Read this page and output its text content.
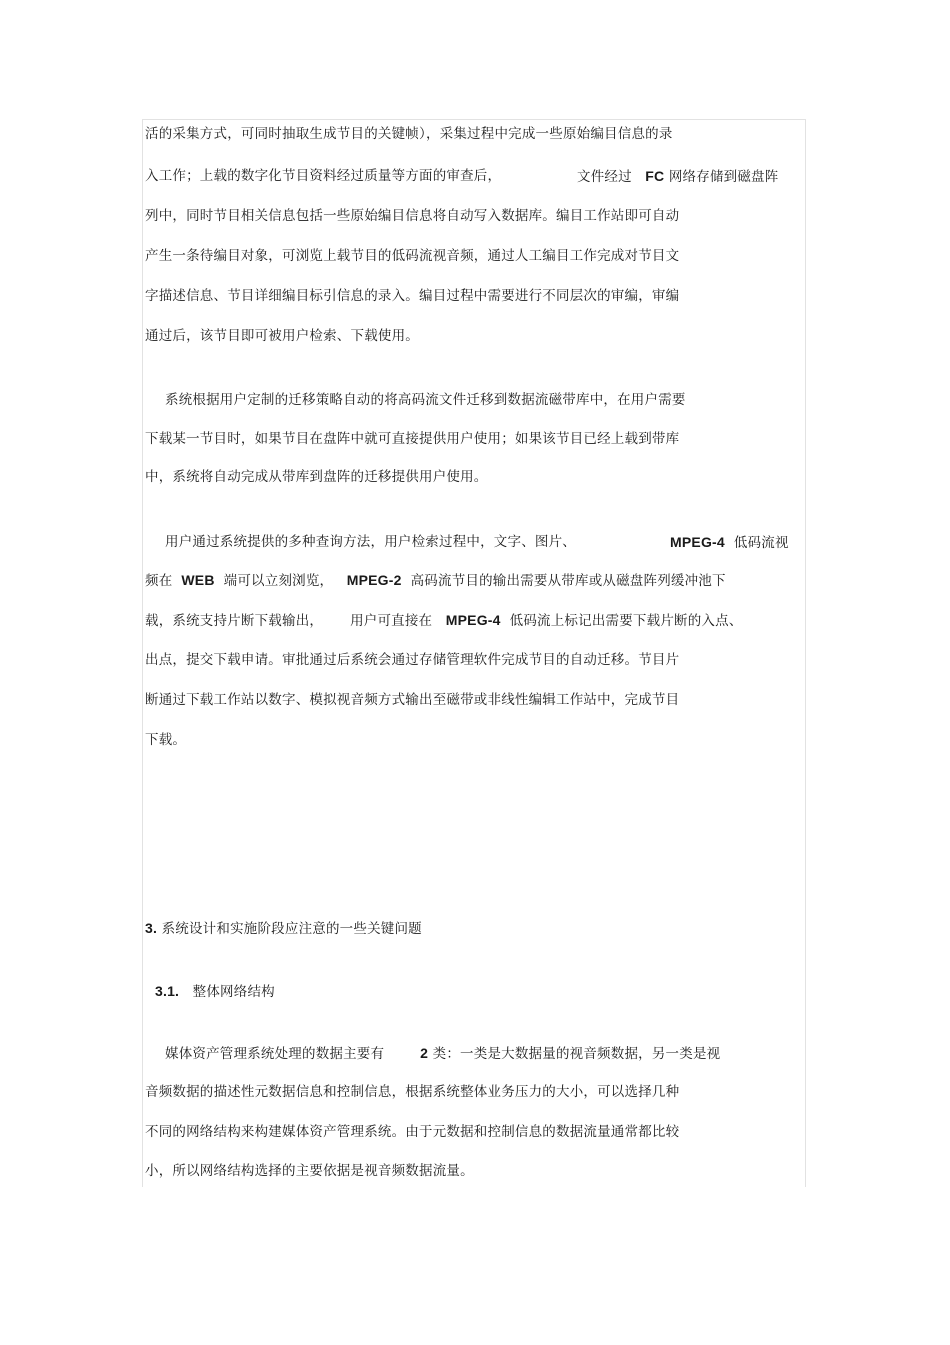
活的采集方式，可同时抽取生成节目的关键帧），采集过程中完成一些原始编目信息的录
入工作；上载的数字化节目资料经过质量等方面的审查后，	文件经过 FC 网络存储到磁盘阵
列中，同时节目相关信息包括一些原始编目信息将自动写入数据库。编目工作站即可自动
产生一条待编目对象，可浏览上载节目的低码流视音频，通过人工编目工作完成对节目文
字描述信息、节目详细编目标引信息的录入。编目过程中需要进行不同层次的审编，审编
通过后，该节目即可被用户检索、下载使用。
系统根据用户定制的迁移策略自动的将高码流文件迁移到数据流磁带库中，在用户需要
下载某一节目时，如果节目在盘阵中就可直接提供用户使用；如果该节目已经上载到带库
中，系统将自动完成从带库到盘阵的迁移提供用户使用。
用户通过系统提供的多种查询方法，用户检索过程中，文字、图片、	MPEG-4 低码流视
频在 WEB 端可以立刻浏览， MPEG-2 高码流节目的输出需要从带库或从磁盘阵列缓冲池下
载，系统支持片断下载输出， 用户可直接在 MPEG-4 低码流上标记出需要下载片断的入点、
出点，提交下载申请。审批通过后系统会通过存储管理软件完成节目的自动迁移。节目片
断通过下载工作站以数字、模拟视音频方式输出至磁带或非线性编辑工作站中，完成节目
下载。
3. 系统设计和实施阶段应注意的一些关键问题
3.1. 整体网络结构
媒体资产管理系统处理的数据主要有	2 类：一类是大数据量的视音频数据，另一类是视
音频数据的描述性元数据信息和控制信息，根据系统整体业务压力的大小，可以选择几种
不同的网络结构来构建媒体资产管理系统。由于元数据和控制信息的数据流量通常都比较
小，所以网络结构选择的主要依据是视音频数据流量。
